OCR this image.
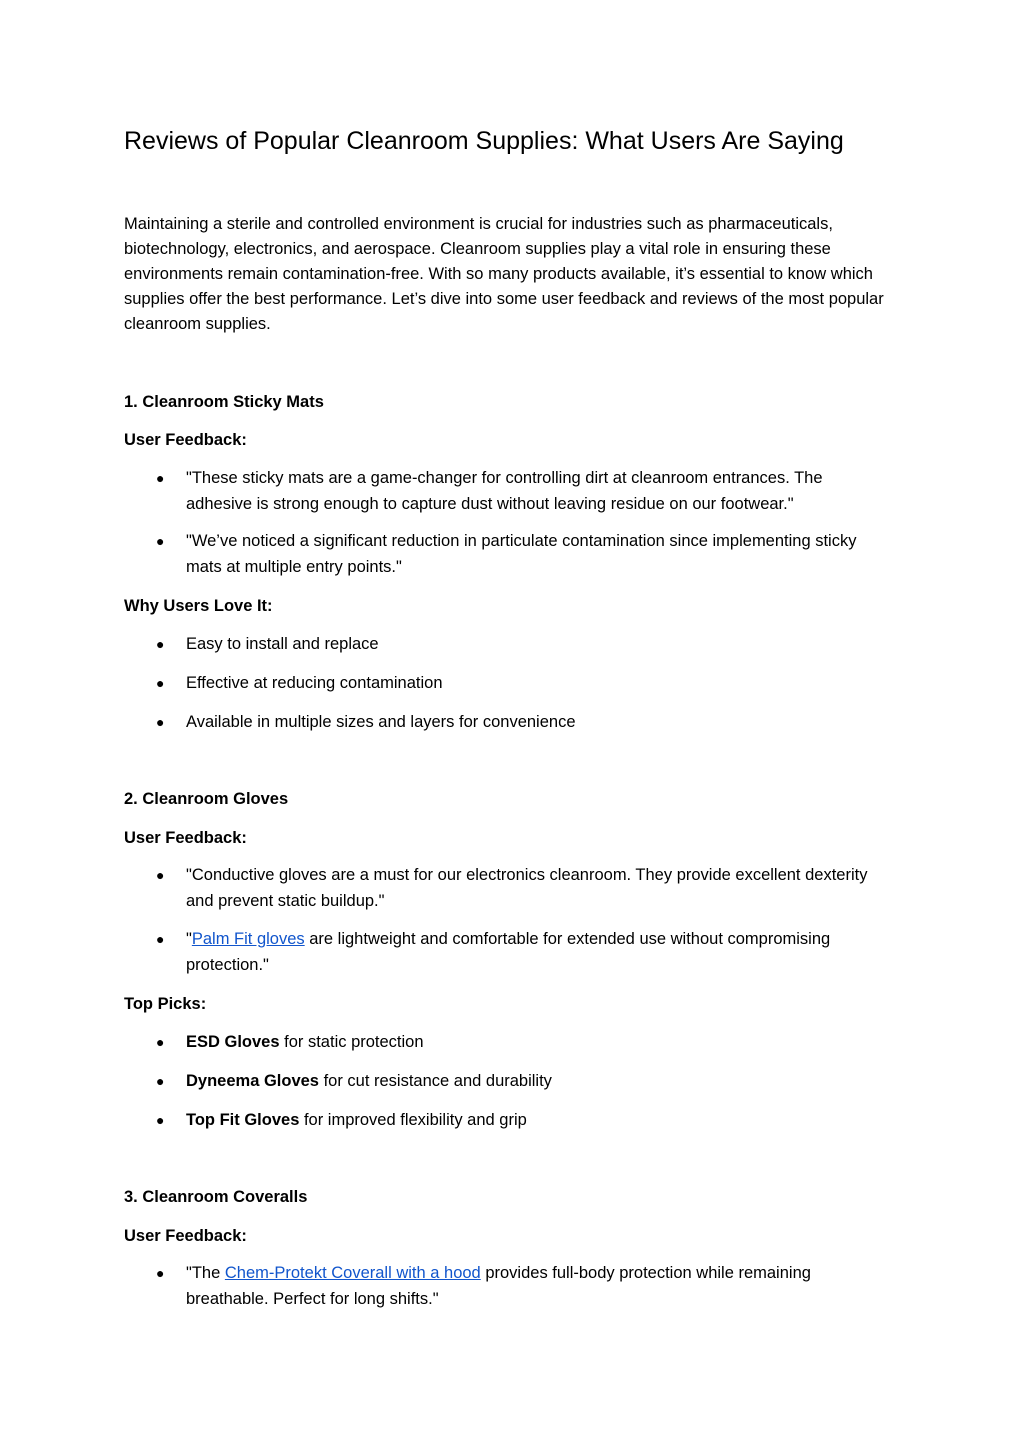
Reviews of Popular Cleanroom Supplies: What Users Are Saying

Maintaining a sterile and controlled environment is crucial for industries such as pharmaceuticals, biotechnology, electronics, and aerospace. Cleanroom supplies play a vital role in ensuring these environments remain contamination-free. With so many products available, it’s essential to know which supplies offer the best performance. Let’s dive into some user feedback and reviews of the most popular cleanroom supplies.

1. Cleanroom Sticky Mats
User Feedback:
● "These sticky mats are a game-changer for controlling dirt at cleanroom entrances. The adhesive is strong enough to capture dust without leaving residue on our footwear."
● "We’ve noticed a significant reduction in particulate contamination since implementing sticky mats at multiple entry points."
Why Users Love It:
● Easy to install and replace
● Effective at reducing contamination
● Available in multiple sizes and layers for convenience
2. Cleanroom Gloves
User Feedback:
● "Conductive gloves are a must for our electronics cleanroom. They provide excellent dexterity and prevent static buildup."
● "Palm Fit gloves are lightweight and comfortable for extended use without compromising protection."
Top Picks:
● ESD Gloves for static protection
● Dyneema Gloves for cut resistance and durability
● Top Fit Gloves for improved flexibility and grip
3. Cleanroom Coveralls
User Feedback:
● "The Chem-Protekt Coverall with a hood provides full-body protection while remaining breathable. Perfect for long shifts."
